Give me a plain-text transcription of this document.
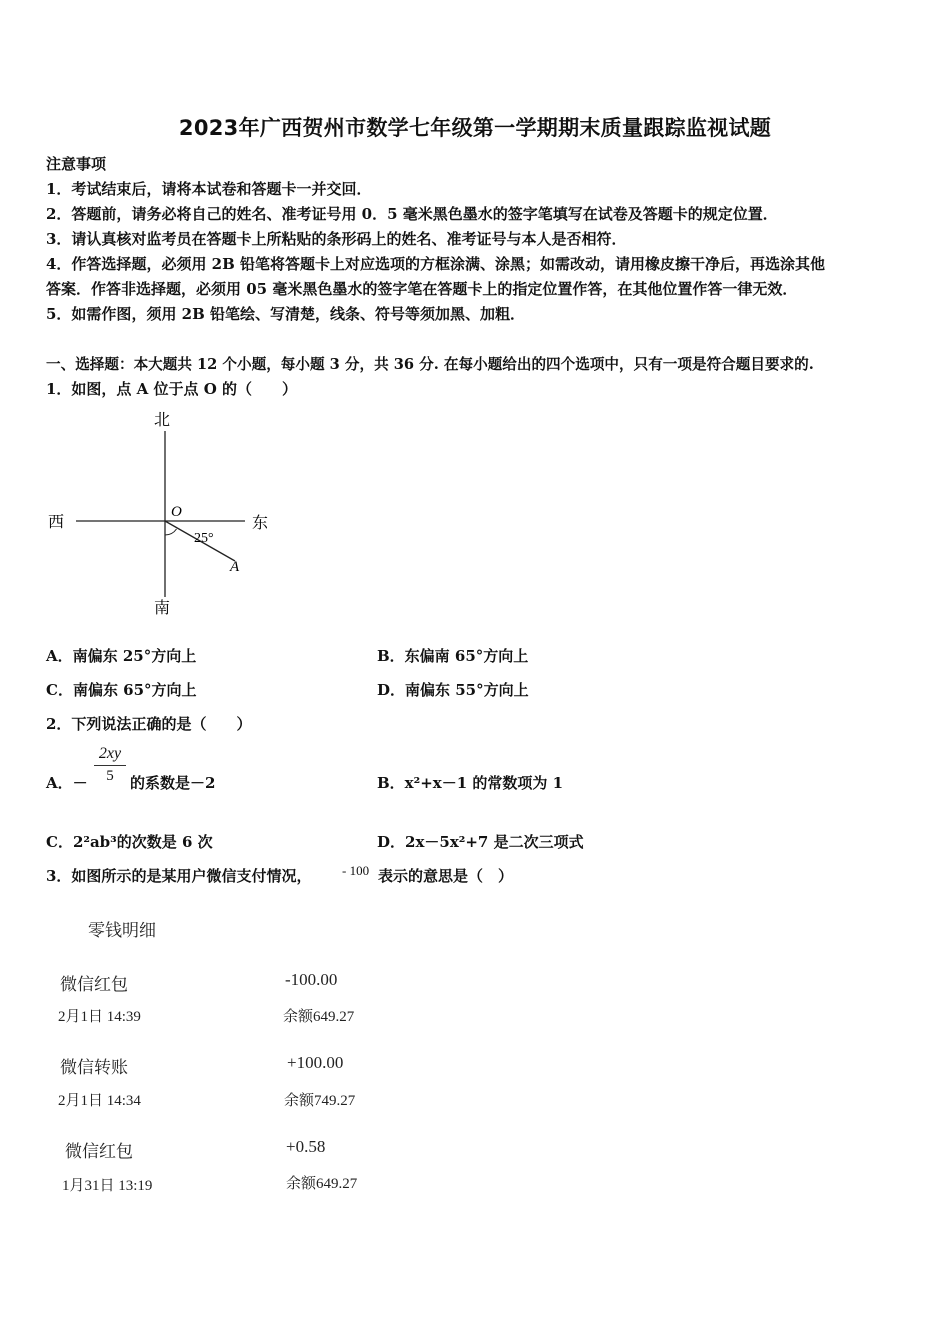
2023年广西贺州市数学七年级第一学期期末质量跟踪监视试题
注意事项
1．考试结束后，请将本试卷和答题卡一并交回．
2．答题前，请务必将自己的姓名、准考证号用 0．5 毫米黑色墨水的签字笔填写在试卷及答题卡的规定位置．
3．请认真核对监考员在答题卡上所粘贴的条形码上的姓名、准考证号与本人是否相符．
4．作答选择题，必须用 2B 铅笔将答题卡上对应选项的方框涂满、涂黑；如需改动，请用橡皮擦干净后，再选涂其他
答案．作答非选择题，必须用 05 毫米黑色墨水的签字笔在答题卡上的指定位置作答，在其他位置作答一律无效．
5．如需作图，须用 2B 铅笔绘、写清楚，线条、符号等须加黑、加粗．
一、选择题：本大题共 12 个小题，每小题 3 分，共 36 分. 在每小题给出的四个选项中，只有一项是符合题目要求的.
1．如图，点 A 位于点 O 的（　　）
北
南
西	东
O
A
25°
A．南偏东 25°方向上	B．东偏南 65°方向上
C．南偏东 65°方向上	D．南偏东 55°方向上
2．下列说法正确的是（　　）
A．－
2xy
5	的系数是－2	B．x²+x－1 的常数项为 1
C．2²ab³的次数是 6 次	D．2x－5x²+7 是二次三项式
3．如图所示的是某用户微信支付情况， - 100 表示的意思是（　）
零钱明细
微信红包	-100.00
2月1日 14:39	余额649.27
微信转账	+100.00
2月1日 14:34	余额749.27
微信红包	+0.58
1月31日 13:19	余额649.27
